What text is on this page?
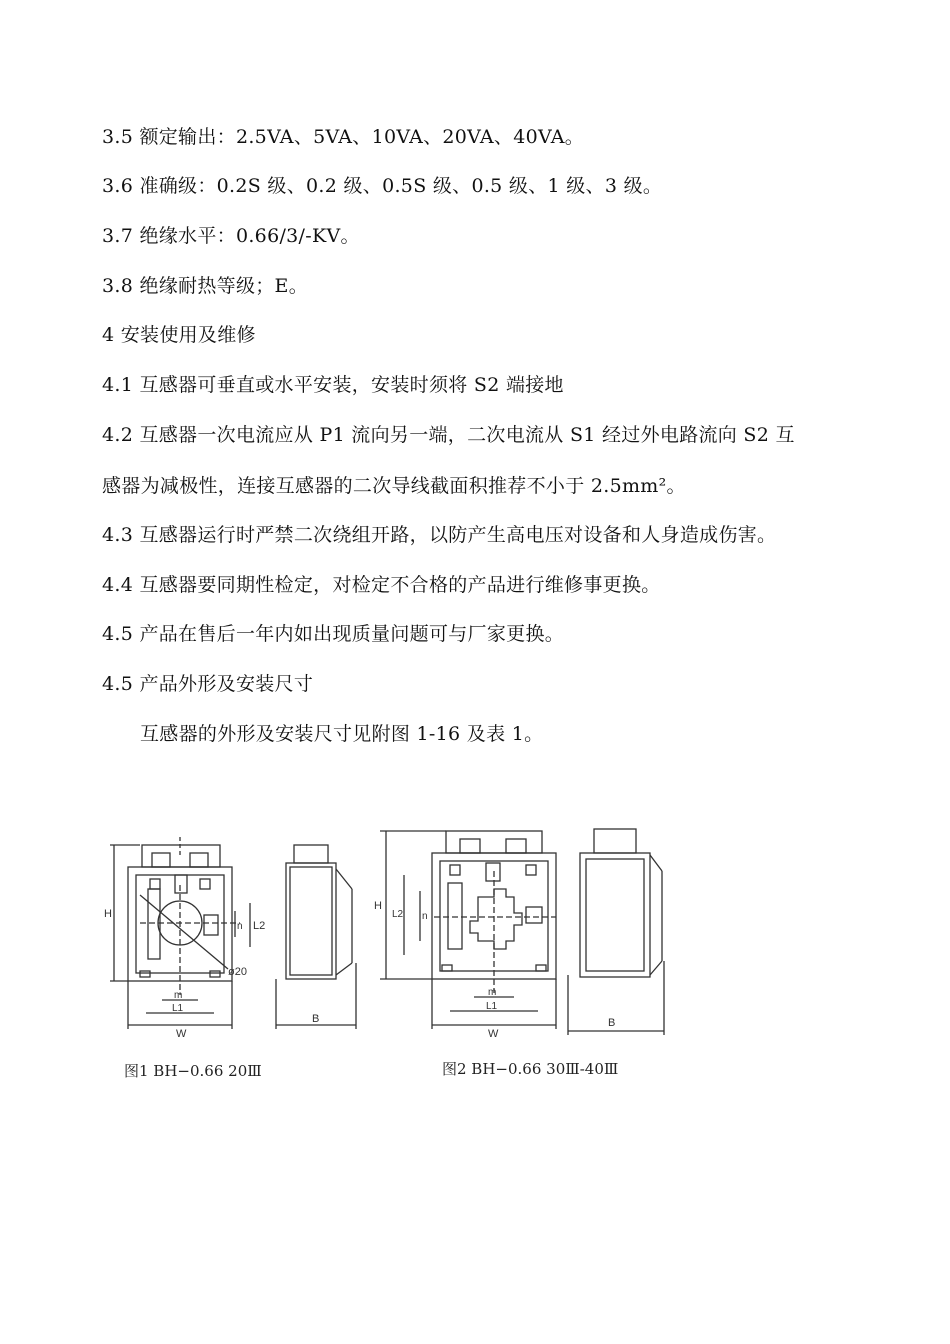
3.5 额定输出：2.5VA、5VA、10VA、20VA、40VA。
3.6 准确级：0.2S 级、0.2 级、0.5S 级、0.5 级、1 级、3 级。
3.7 绝缘水平：0.66/3/-KV。
3.8 绝缘耐热等级；E。
4 安装使用及维修
4.1 互感器可垂直或水平安装，安装时须将 S2 端接地
4.2 互感器一次电流应从 P1 流向另一端，二次电流从 S1 经过外电路流向 S2 互
感器为减极性，连接互感器的二次导线截面积推荐不小于 2.5mm²。
4.3 互感器运行时严禁二次绕组开路，以防产生高电压对设备和人身造成伤害。
4.4 互感器要同期性检定，对检定不合格的产品进行维修事更换。
4.5 产品在售后一年内如出现质量问题可与厂家更换。
4.5 产品外形及安装尺寸
互感器的外形及安装尺寸见附图 1-16 及表 1。
H
L2
n
ø20
m
L1
W
B
图1 BH−0.66 20Ⅲ
H
L2 n
m
L1
W
B
图2 BH−0.66 30Ⅲ-40Ⅲ
